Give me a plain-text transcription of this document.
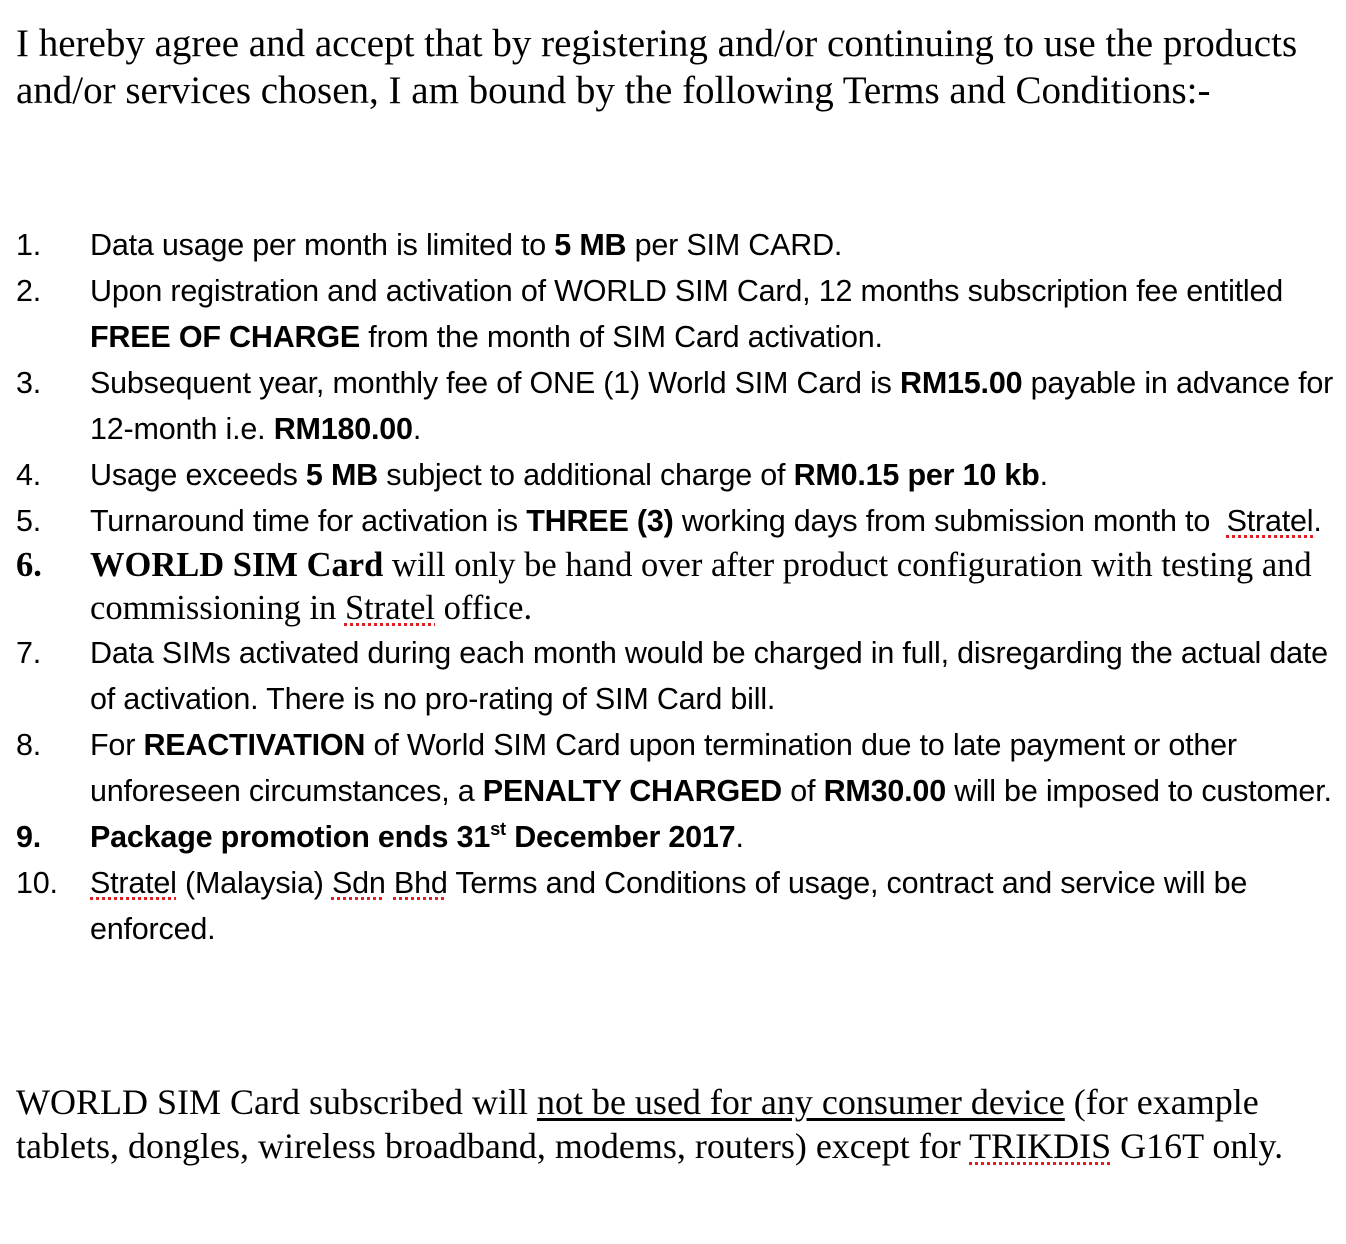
I hereby agree and accept that by registering and/or continuing to use the products and/or services chosen, I am bound by the following Terms and Conditions:-

1. Data usage per month is limited to 5 MB per SIM CARD.
2. Upon registration and activation of WORLD SIM Card, 12 months subscription fee entitled FREE OF CHARGE from the month of SIM Card activation.
3. Subsequent year, monthly fee of ONE (1) World SIM Card is RM15.00 payable in advance for 12-month i.e. RM180.00.
4. Usage exceeds 5 MB subject to additional charge of RM0.15 per 10 kb.
5. Turnaround time for activation is THREE (3) working days from submission month to  Stratel.
6. WORLD SIM Card will only be hand over after product configuration with testing and commissioning in Stratel office.
7. Data SIMs activated during each month would be charged in full, disregarding the actual date of activation. There is no pro-rating of SIM Card bill.
8. For REACTIVATION of World SIM Card upon termination due to late payment or other unforeseen circumstances, a PENALTY CHARGED of RM30.00 will be imposed to customer.
9. Package promotion ends 31st December 2017.
10. Stratel (Malaysia) Sdn Bhd Terms and Conditions of usage, contract and service will be enforced.

WORLD SIM Card subscribed will not be used for any consumer device (for example tablets, dongles, wireless broadband, modems, routers) except for TRIKDIS G16T only.
